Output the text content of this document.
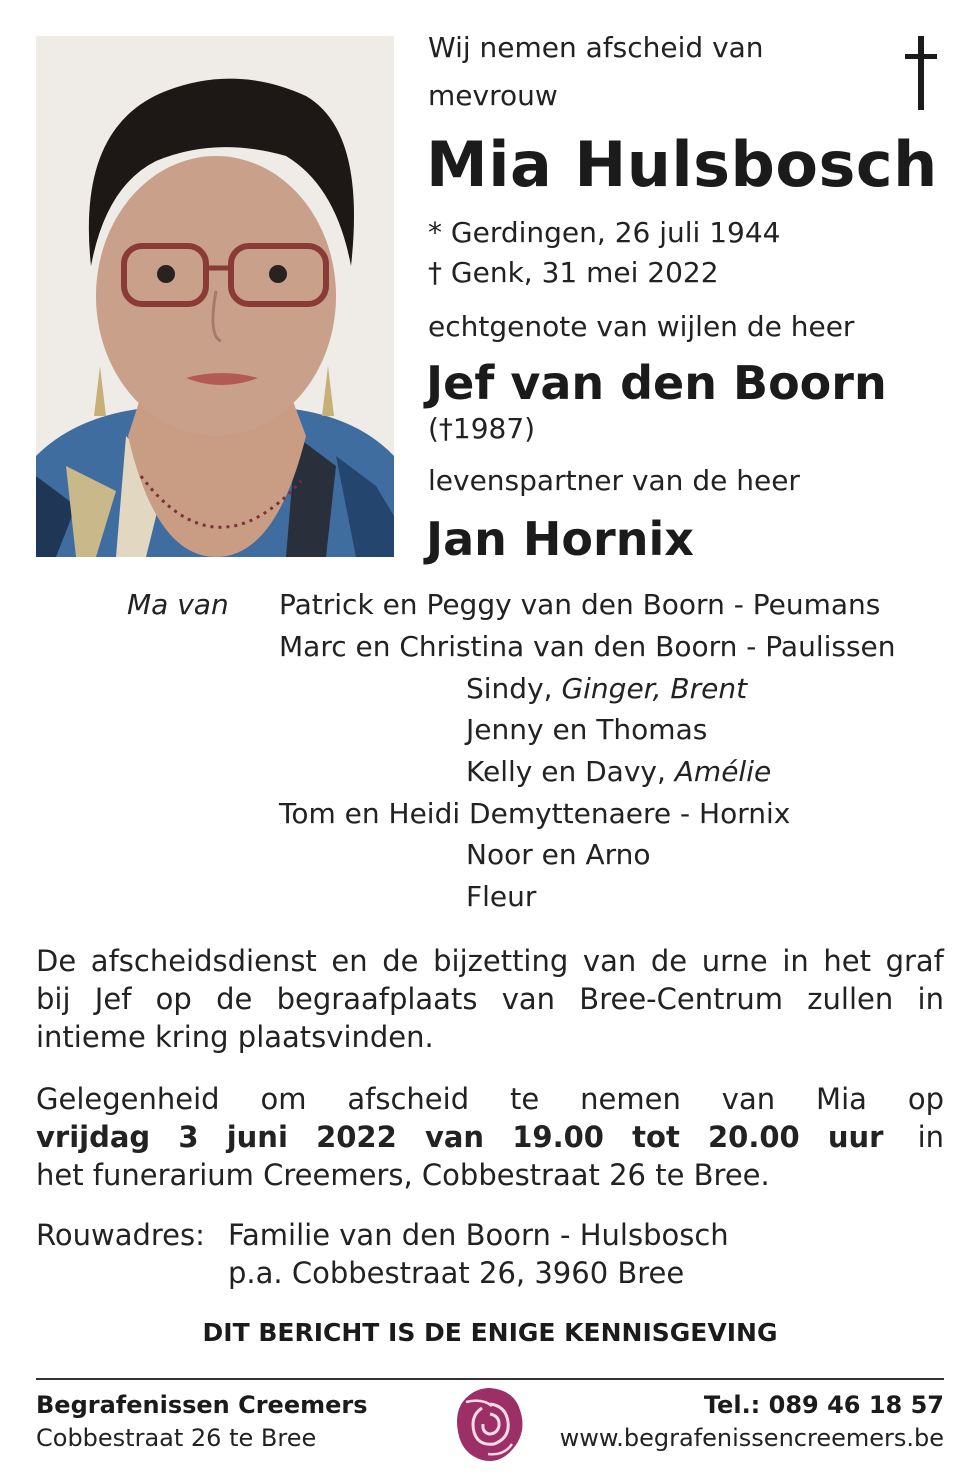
Wij nemen afscheid van
mevrouw
Mia Hulsbosch
* Gerdingen, 26 juli 1944
† Genk, 31 mei 2022
echtgenote van wijlen de heer
Jef van den Boorn
(†1987)
levenspartner van de heer
Jan Hornix
Ma van Patrick en Peggy van den Boorn - Peumans
Marc en Christina van den Boorn - Paulissen
Sindy, Ginger, Brent
Jenny en Thomas
Kelly en Davy, Amélie
Tom en Heidi Demyttenaere - Hornix
Noor en Arno
Fleur
De afscheidsdienst en de bijzetting van de urne in het graf
bij Jef op de begraafplaats van Bree-Centrum zullen in
intieme kring plaatsvinden.
Gelegenheid om afscheid te nemen van Mia op
vrijdag 3 juni 2022 van 19.00 tot 20.00 uur in
het funerarium Creemers, Cobbestraat 26 te Bree.
Rouwadres: Familie van den Boorn - Hulsbosch
p.a. Cobbestraat 26, 3960 Bree
DIT BERICHT IS DE ENIGE KENNISGEVING
Begrafenissen Creemers
Cobbestraat 26 te Bree
Tel.: 089 46 18 57
www.begrafenissencreemers.be
